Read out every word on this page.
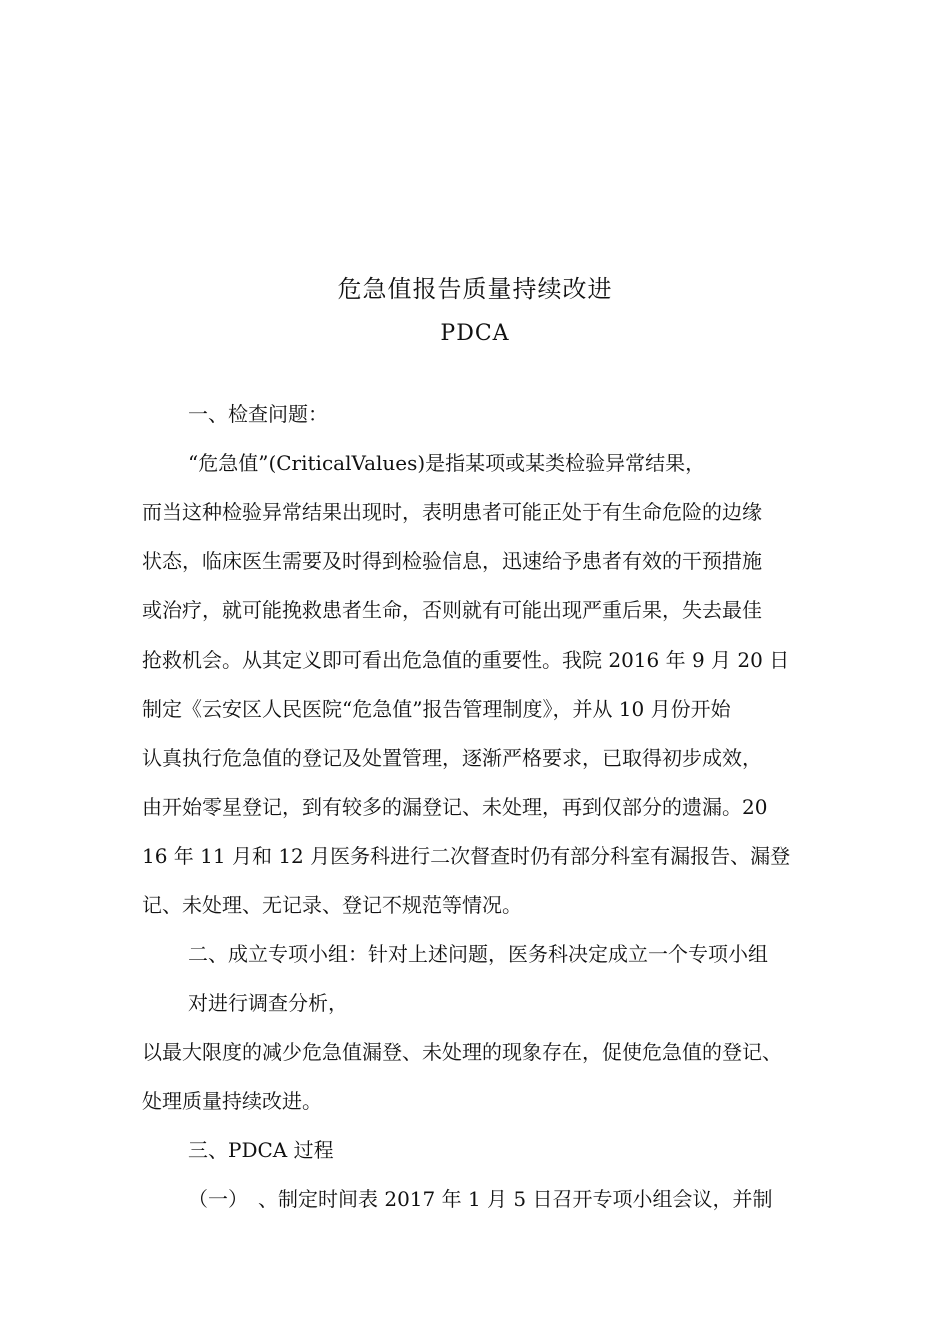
危急值报告质量持续改进
PDCA
一、检查问题：
“危急值”(CriticalValues)是指某项或某类检验异常结果，
而当这种检验异常结果出现时，表明患者可能正处于有生命危险的边缘
状态，临床医生需要及时得到检验信息，迅速给予患者有效的干预措施
或治疗，就可能挽救患者生命，否则就有可能出现严重后果，失去最佳
抢救机会。从其定义即可看出危急值的重要性。我院 2016 年 9 月 20 日
制定《云安区人民医院“危急值”报告管理制度》，并从 10 月份开始
认真执行危急值的登记及处置管理，逐渐严格要求，已取得初步成效，
由开始零星登记，到有较多的漏登记、未处理，再到仅部分的遗漏。20
16 年 11 月和 12 月医务科进行二次督查时仍有部分科室有漏报告、漏登
记、未处理、无记录、登记不规范等情况。
二、成立专项小组：针对上述问题，医务科决定成立一个专项小组
对进行调查分析，
以最大限度的减少危急值漏登、未处理的现象存在，促使危急值的登记、
处理质量持续改进。
三、PDCA 过程
（一）　、制定时间表 2017 年 1 月 5 日召开专项小组会议，并制
